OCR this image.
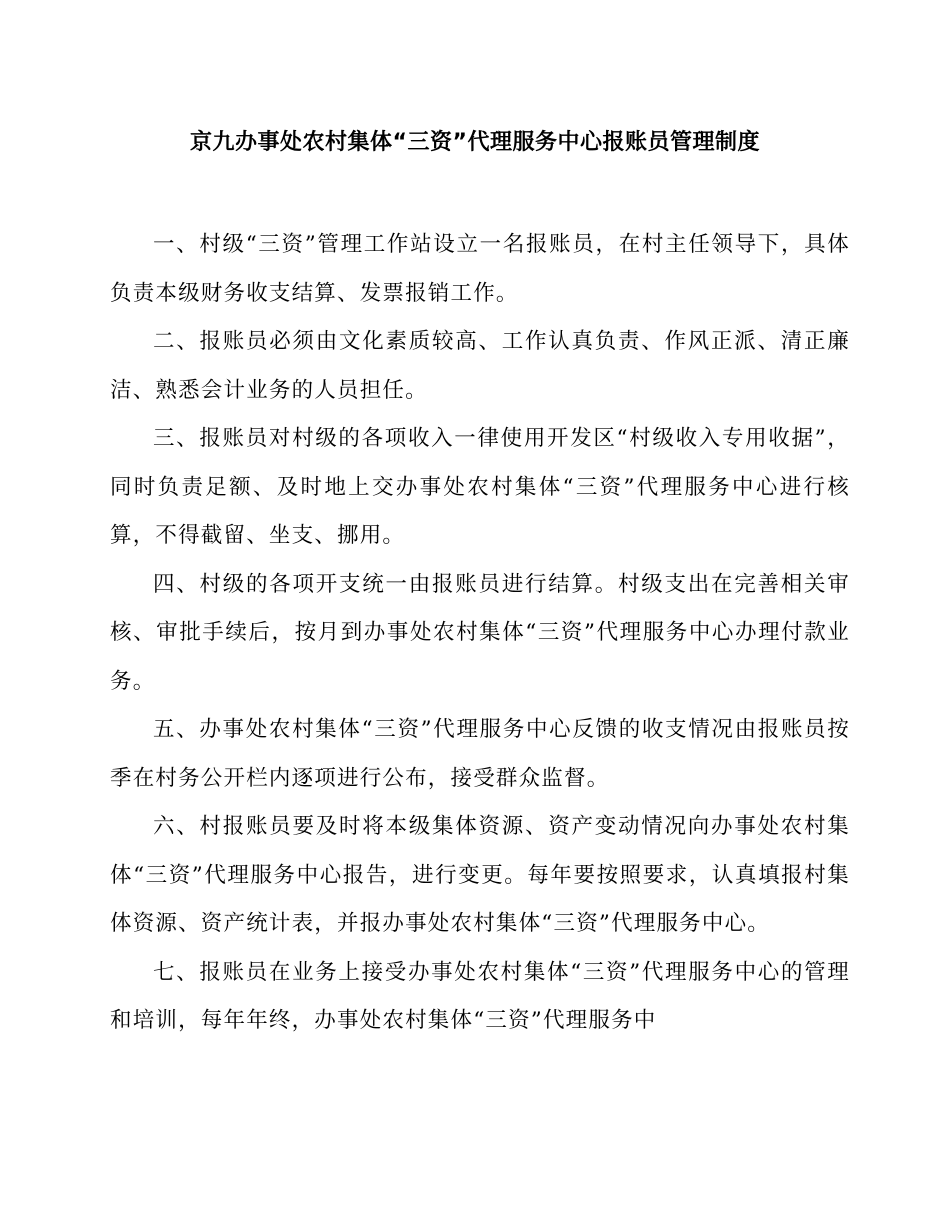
京九办事处农村集体“三资”代理服务中心报账员管理制度

一、村级“三资”管理工作站设立一名报账员，在村主任领导下，具体负责本级财务收支结算、发票报销工作。

二、报账员必须由文化素质较高、工作认真负责、作风正派、清正廉洁、熟悉会计业务的人员担任。

三、报账员对村级的各项收入一律使用开发区“村级收入专用收据”，同时负责足额、及时地上交办事处农村集体“三资”代理服务中心进行核算，不得截留、坐支、挪用。

四、村级的各项开支统一由报账员进行结算。村级支出在完善相关审核、审批手续后，按月到办事处农村集体“三资”代理服务中心办理付款业务。

五、办事处农村集体“三资”代理服务中心反馈的收支情况由报账员按季在村务公开栏内逐项进行公布，接受群众监督。

六、村报账员要及时将本级集体资源、资产变动情况向办事处农村集体“三资”代理服务中心报告，进行变更。每年要按照要求，认真填报村集体资源、资产统计表，并报办事处农村集体“三资”代理服务中心。

七、报账员在业务上接受办事处农村集体“三资”代理服务中心的管理和培训，每年年终，办事处农村集体“三资”代理服务中
